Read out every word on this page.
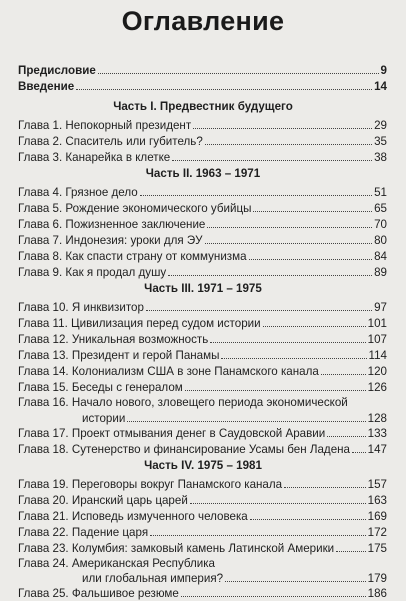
Оглавление
Предисловие	9
Введение	14
Часть I. Предвестник будущего
Глава 1. Непокорный президент	29
Глава 2. Спаситель или губитель?	35
Глава 3. Канарейка в клетке	38
Часть II. 1963 – 1971
Глава 4. Грязное дело	51
Глава 5. Рождение экономического убийцы	65
Глава 6. Пожизненное заключение	70
Глава 7. Индонезия: уроки для ЭУ	80
Глава 8. Как спасти страну от коммунизма	84
Глава 9. Как я продал душу	89
Часть III. 1971 – 1975
Глава 10. Я инквизитор	97
Глава 11. Цивилизация перед судом истории	101
Глава 12. Уникальная возможность	107
Глава 13. Президент и герой Панамы	114
Глава 14. Колониализм США в зоне Панамского канала	120
Глава 15. Беседы с генералом	126
Глава 16. Начало нового, зловещего периода экономической
истории	128
Глава 17. Проект отмывания денег в Саудовской Аравии	133
Глава 18. Сутенерство и финансирование Усамы бен Ладена 147
Часть IV. 1975 – 1981
Глава 19. Переговоры вокруг Панамского канала	157
Глава 20. Иранский царь царей	163
Глава 21. Исповедь измученного человека	169
Глава 22. Падение царя	172
Глава 23. Колумбия: замковый камень Латинской Америки	175
Глава 24. Американская Республика
или глобальная империя?	179
Глава 25. Фальшивое резюме	186
